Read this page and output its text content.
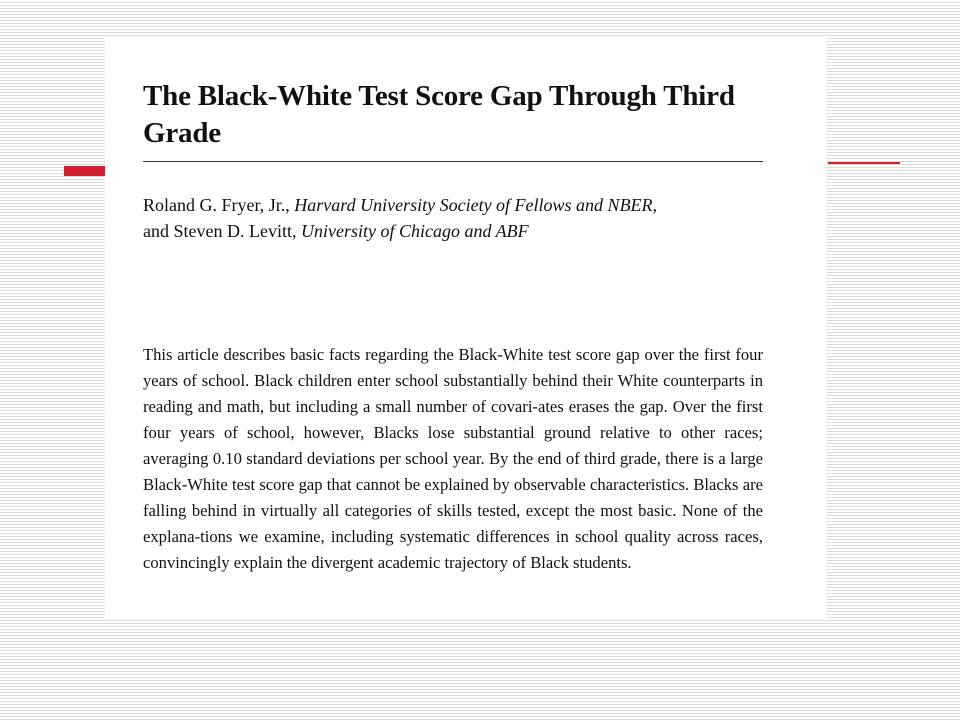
The Black-White Test Score Gap Through Third Grade
Roland G. Fryer, Jr., Harvard University Society of Fellows and NBER,
and Steven D. Levitt, University of Chicago and ABF

This article describes basic facts regarding the Black-White test score gap over the first four years of school. Black children enter school substantially behind their White counterparts in reading and math, but including a small number of covari-ates erases the gap. Over the first four years of school, however, Blacks lose substantial ground relative to other races; averaging 0.10 standard deviations per school year. By the end of third grade, there is a large Black-White test score gap that cannot be explained by observable characteristics. Blacks are falling behind in virtually all categories of skills tested, except the most basic. None of the explana-tions we examine, including systematic differences in school quality across races, convincingly explain the divergent academic trajectory of Black students.
